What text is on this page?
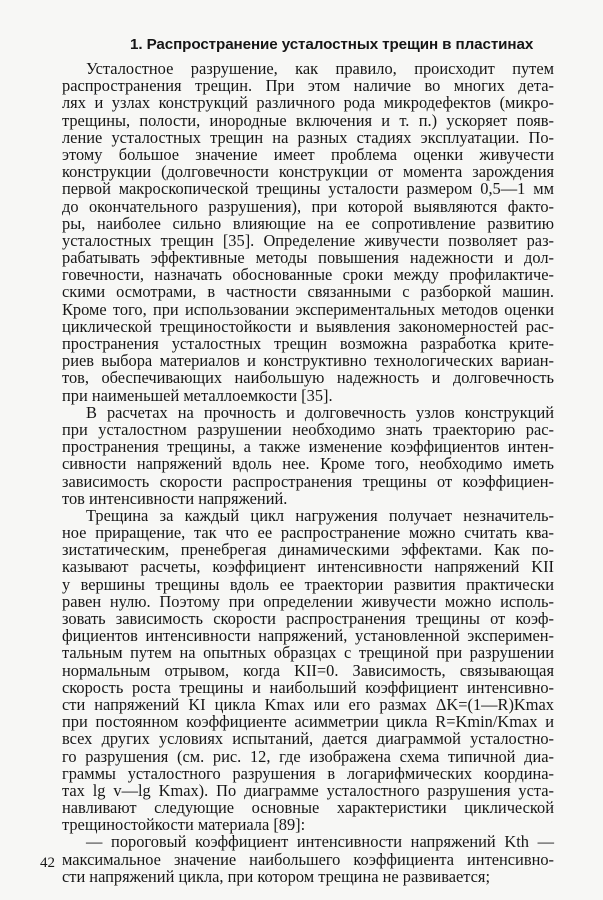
1. Распространение усталостных трещин в пластинах
Усталостное разрушение, как правило, происходит путем
распространения трещин. При этом наличие во многих дета-
лях и узлах конструкций различного рода микродефектов (микро-
трещины, полости, инородные включения и т. п.) ускоряет появ-
ление усталостных трещин на разных стадиях эксплуатации. По-
этому большое значение имеет проблема оценки живучести
конструкции (долговечности конструкции от момента зарождения
первой макроскопической трещины усталости размером 0,5—1 мм
до окончательного разрушения), при которой выявляются факто-
ры, наиболее сильно влияющие на ее сопротивление развитию
усталостных трещин [35]. Определение живучести позволяет раз-
рабатывать эффективные методы повышения надежности и дол-
говечности, назначать обоснованные сроки между профилактиче-
скими осмотрами, в частности связанными с разборкой машин.
Кроме того, при использовании экспериментальных методов оценки
циклической трещиностойкости и выявления закономерностей рас-
пространения усталостных трещин возможна разработка крите-
риев выбора материалов и конструктивно технологических вариан-
тов, обеспечивающих наибольшую надежность и долговечность
при наименьшей металлоемкости [35].
В расчетах на прочность и долговечность узлов конструкций
при усталостном разрушении необходимо знать траекторию рас-
пространения трещины, а также изменение коэффициентов интен-
сивности напряжений вдоль нее. Кроме того, необходимо иметь
зависимость скорости распространения трещины от коэффициен-
тов интенсивности напряжений.
Трещина за каждый цикл нагружения получает незначитель-
ное приращение, так что ее распространение можно считать ква-
зистатическим, пренебрегая динамическими эффектами. Как по-
казывают расчеты, коэффициент интенсивности напряжений KII
у вершины трещины вдоль ее траектории развития практически
равен нулю. Поэтому при определении живучести можно исполь-
зовать зависимость скорости распространения трещины от коэф-
фициентов интенсивности напряжений, установленной эксперимен-
тальным путем на опытных образцах с трещиной при разрушении
нормальным отрывом, когда KII=0. Зависимость, связывающая
скорость роста трещины и наибольший коэффициент интенсивно-
сти напряжений KI цикла Kmax или его размах ΔK=(1—R)Kmax
при постоянном коэффициенте асимметрии цикла R=Kmin/Kmax и
всех других условиях испытаний, дается диаграммой усталостно-
го разрушения (см. рис. 12, где изображена схема типичной диа-
граммы усталостного разрушения в логарифмических координа-
тах lg v—lg Kmax). По диаграмме усталостного разрушения уста-
навливают следующие основные характеристики циклической
трещиностойкости материала [89]:
— пороговый коэффициент интенсивности напряжений Kth —
максимальное значение наибольшего коэффициента интенсивно-
сти напряжений цикла, при котором трещина не развивается;
42
